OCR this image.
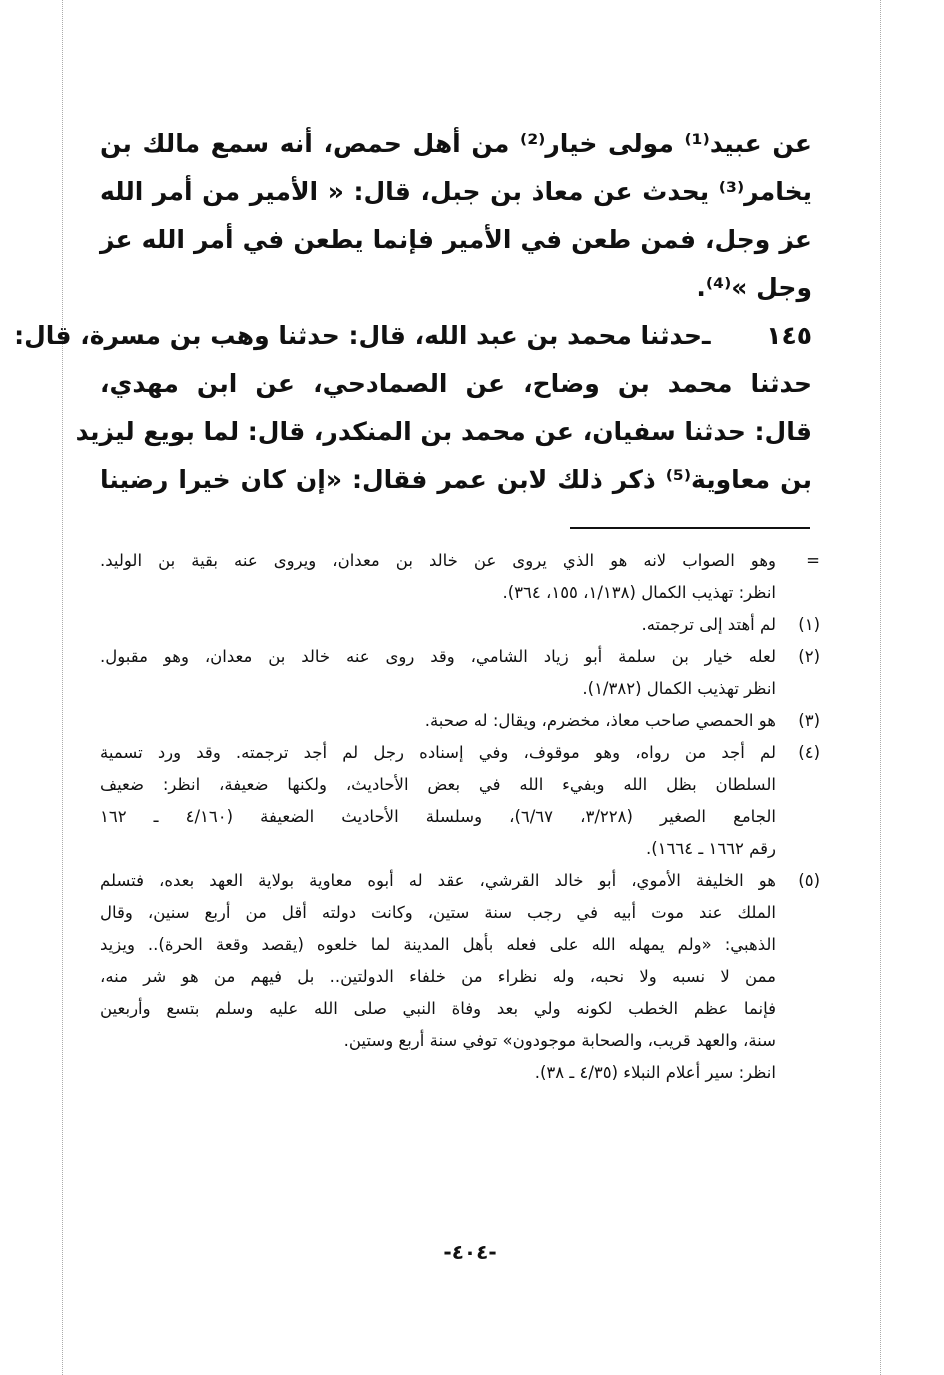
عن عبيد⁽¹⁾ مولى خيار⁽²⁾ من أهل حمص، أنه سمع مالك بن
يخامر⁽³⁾ يحدث عن معاذ بن جبل، قال: « الأمير من أمر الله
عز وجل، فمن طعن في الأمير فإنما يطعن في أمر الله عز
وجل »⁽⁴⁾.
١٤٥ ـحدثنا محمد بن عبد الله، قال: حدثنا وهب بن مسرة، قال:
حدثنا محمد بن وضاح، عن الصمادحي، عن ابن مهدي،
قال: حدثنا سفيان، عن محمد بن المنكدر، قال: لما بويع ليزيد
بن معاوية⁽⁵⁾ ذكر ذلك لابن عمر فقال: «إن كان خيرا رضينا
=وهو الصواب لانه هو الذي يروى عن خالد بن معدان، ويروى عنه بقية بن الوليد.
انظر: تهذيب الكمال (١/١٣٨، ١٥٥، ٣٦٤).
(١)لم أهتد إلى ترجمته.
(٢)لعله خيار بن سلمة أبو زياد الشامي، وقد روى عنه خالد بن معدان، وهو مقبول.
انظر تهذيب الكمال (١/٣٨٢).
(٣)هو الحمصي صاحب معاذ، مخضرم، ويقال: له صحبة.
(٤)لم أجد من رواه، وهو موقوف، وفي إسناده رجل لم أجد ترجمته. وقد ورد تسمية
السلطان بظل الله وبفيء الله في بعض الأحاديث، ولكنها ضعيفة، انظر: ضعيف
الجامع الصغير (٣/٢٢٨، ٦/٦٧)، وسلسلة الأحاديث الضعيفة (٤/١٦٠ ـ ١٦٢
رقم ١٦٦٢ ـ ١٦٦٤).
(٥)هو الخليفة الأموي، أبو خالد القرشي، عقد له أبوه معاوية بولاية العهد بعده، فتسلم
الملك عند موت أبيه في رجب سنة ستين، وكانت دولته أقل من أربع سنين، وقال
الذهبي: «ولم يمهله الله على فعله بأهل المدينة لما خلعوه (يقصد وقعة الحرة).. ويزيد
ممن لا نسبه ولا نحبه، وله نظراء من خلفاء الدولتين.. بل فيهم من هو شر منه،
فإنما عظم الخطب لكونه ولي بعد وفاة النبي صلى الله عليه وسلم بتسع وأربعين
سنة، والعهد قريب، والصحابة موجودون» توفي سنة أربع وستين.
انظر: سير أعلام النبلاء (٤/٣٥ ـ ٣٨).
-٤٠٤-
